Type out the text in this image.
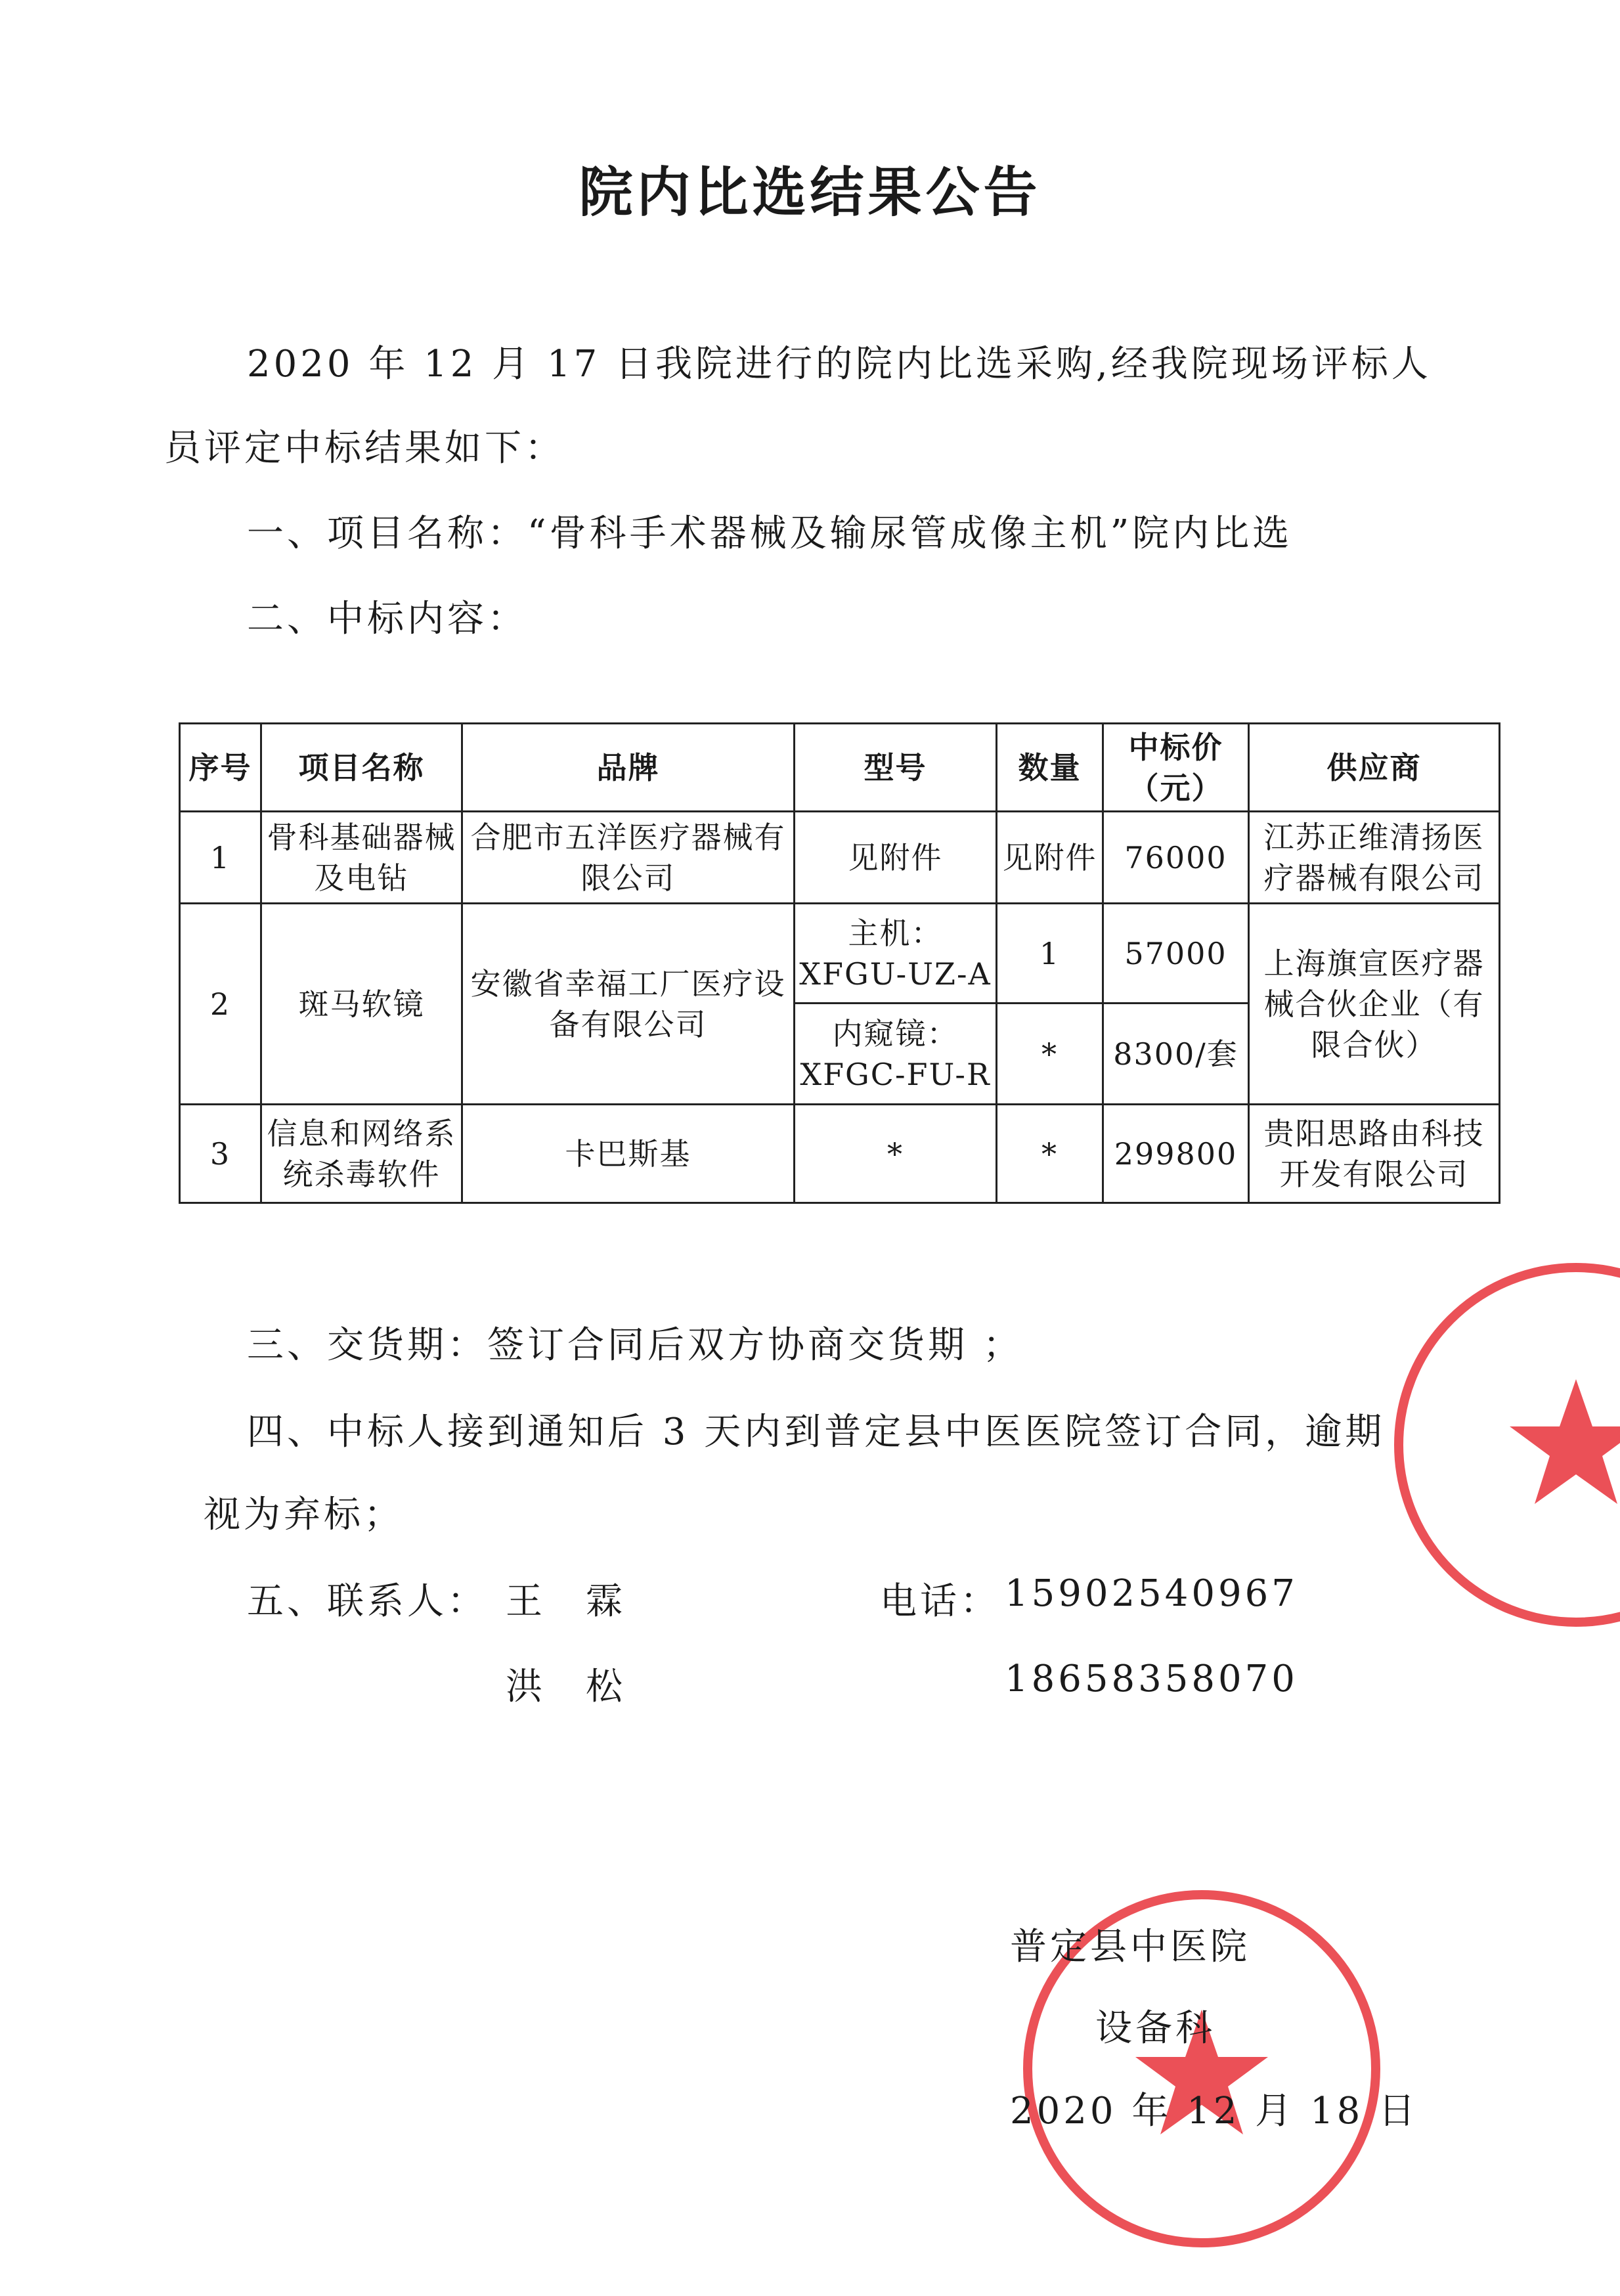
院内比选结果公告
2020 年 12 月 17 日我院进行的院内比选采购,经我院现场评标人
员评定中标结果如下：
一、项目名称：“骨科手术器械及输尿管成像主机”院内比选
二、中标内容：
序号	项目名称	品牌	型号	数量	中标价（元）	供应商
1	骨科基础器械及电钻	合肥市五洋医疗器械有限公司	见附件	见附件	76000	江苏正维清扬医疗器械有限公司
2	斑马软镜	安徽省幸福工厂医疗设备有限公司	主机：XFGU-UZ-A	1	57000	上海旗宣医疗器械合伙企业（有限合伙）
			内窥镜：XFGC-FU-R	*	8300/套	
3	信息和网络系统杀毒软件	卡巴斯基	*	*	299800	贵阳思路由科技开发有限公司
三、交货期：签订合同后双方协商交货期 ；
四、中标人接到通知后 3 天内到普定县中医医院签订合同，逾期
视为弃标；
五、联系人： 王　霖	电话： 15902540967
洪　松	18658358070
普定县中医院
设备科
2020 年 12 月 18 日
